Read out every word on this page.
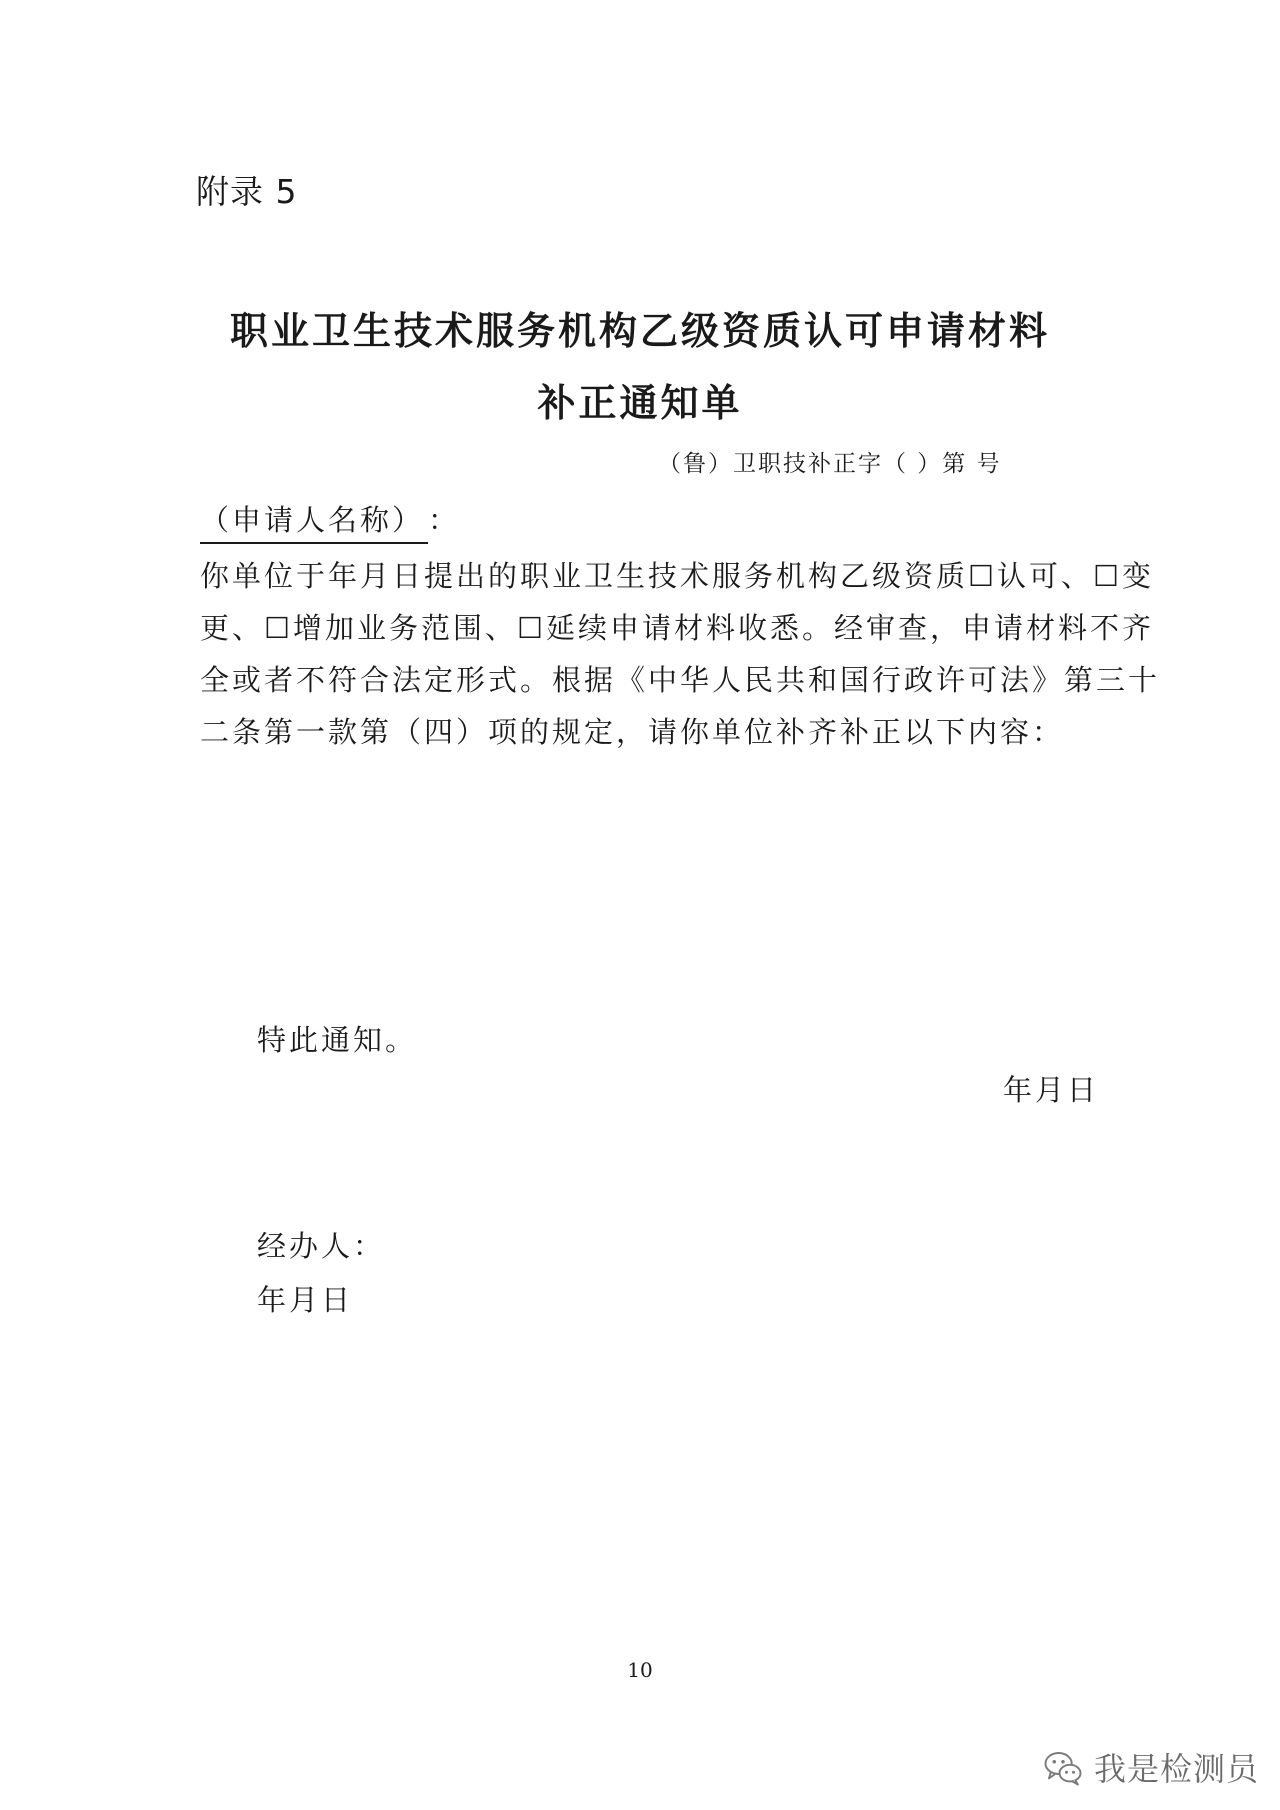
附录 5
职业卫生技术服务机构乙级资质认可申请材料
补正通知单
（鲁）卫职技补正字（ ）第 号
（申请人名称） ：
你单位于年月日提出的职业卫生技术服务机构乙级资质☐认可、☐变
更、☐增加业务范围、☐延续申请材料收悉。经审查，申请材料不齐
全或者不符合法定形式。根据《中华人民共和国行政许可法》第三十
二条第一款第（四）项的规定，请你单位补齐补正以下内容：
特此通知。
年月日
经办人：
年月日
10
我是检测员
